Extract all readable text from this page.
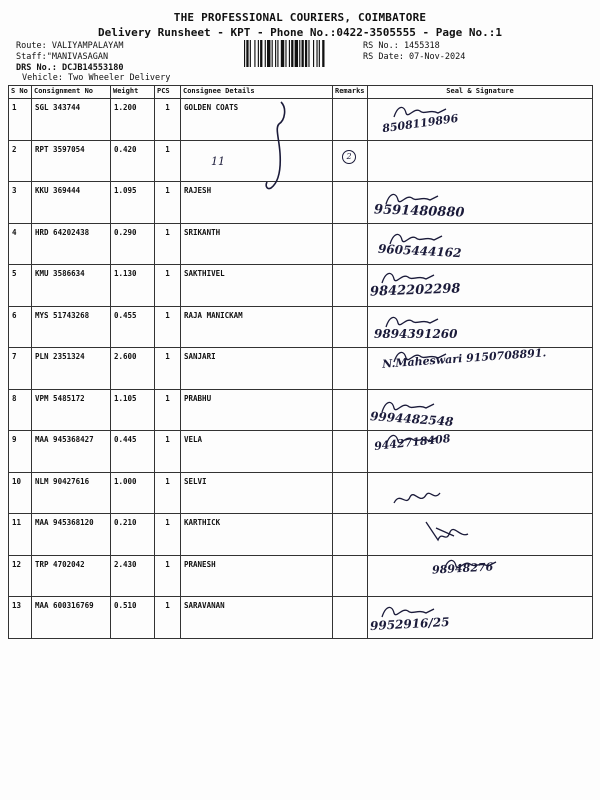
THE PROFESSIONAL COURIERS, COIMBATORE
Delivery Runsheet - KPT - Phone No.:0422-3505555 - Page No.:1
Route: VALIYAMPALAYAM
Staff:"MANIVASAGAN
DRS No.: DCJB14553180
Vehicle: Two Wheeler Delivery
RS No.: 1455318
RS Date: 07-Nov-2024
S No	Consignment No	Weight	PCS	Consignee Details	Remarks	Seal & Signature
1	SGL 343744	1.200	1	GOLDEN COATS		8508119896

2	RPT 3597054	0.420	1			
3	KKU 369444	1.095	1	RAJESH		9591480880

4	HRD 64202438	0.290	1	SRIKANTH		9605444162

5	KMU 3586634	1.130	1	SAKTHIVEL		9842202298

6	MYS 51743268	0.455	1	RAJA MANICKAM		9894391260

7	PLN 2351324	2.600	1	SANJARI		N.Maheswari 9150708891.

8	VPM 5485172	1.105	1	PRABHU		9994482548

9	MAA 945368427	0.445	1	VELA		9442718408

10	NLM 90427616	1.000	1	SELVI		

11	MAA 945368120	0.210	1	KARTHICK		

12	TRP 4702042	2.430	1	PRANESH		98948276

13	MAA 600316769	0.510	1	SARAVANAN		9952916/25
11	2
